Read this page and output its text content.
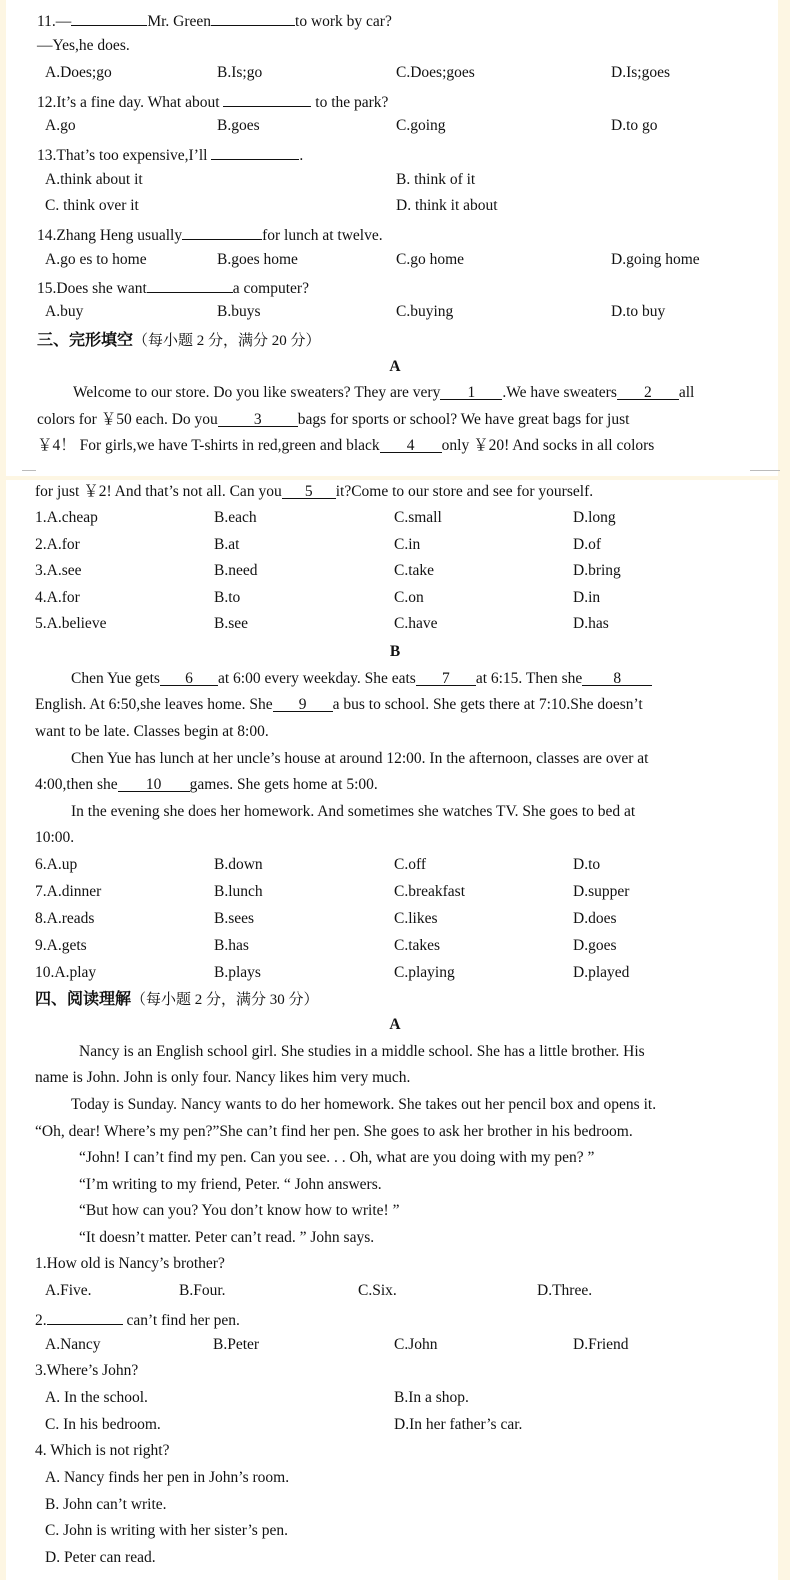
11.—	Mr. Green	to work by car?
—Yes,he does.
A.Does;go	B.Is;go	C.Does;goes	D.Is;goes
12.It’s a fine day. What about	to the park?
A.go	B.goes	C.going	D.to go
13.That’s too expensive,I’ll	.
A.think about it	B. think of it
C. think over it	D. think it about
14.Zhang Heng usually	for lunch at twelve.
A.go es to home	B.goes home	C.go home	D.going home
15.Does she want	a computer?
A.buy	B.buys	C.buying	D.to buy
三、完形填空（每小题 2 分，满分 20 分）
A
Welcome to our store. Do you like sweaters? They are very 1 .We have sweaters 2 all
colors for ￥50 each. Do you 3 bags for sports or school? We have great bags for just
￥4！ For girls,we have T-shirts in red,green and black 4 only ￥20! And socks in all colors
for just ￥2! And that’s not all. Can you 5 it?Come to our store and see for yourself.
1.A.cheap	B.each	C.small	D.long
2.A.for	B.at	C.in	D.of
3.A.see	B.need	C.take	D.bring
4.A.for	B.to	C.on	D.in
5.A.believe	B.see	C.have	D.has
B
Chen Yue gets 6 at 6:00 every weekday. She eats 7 at 6:15. Then she 8
English. At 6:50,she leaves home. She 9 a bus to school. She gets there at 7:10.She doesn’t
want to be late. Classes begin at 8:00.
Chen Yue has lunch at her uncle’s house at around 12:00. In the afternoon, classes are over at
4:00,then she 10 games. She gets home at 5:00.
In the evening she does her homework. And sometimes she watches TV. She goes to bed at
10:00.
6.A.up	B.down	C.off	D.to
7.A.dinner	B.lunch	C.breakfast	D.supper
8.A.reads	B.sees	C.likes	D.does
9.A.gets	B.has	C.takes	D.goes
10.A.play	B.plays	C.playing	D.played
四、阅读理解（每小题 2 分，满分 30 分）
A
Nancy is an English school girl. She studies in a middle school. She has a little brother. His
name is John. John is only four. Nancy likes him very much.
Today is Sunday. Nancy wants to do her homework. She takes out her pencil box and opens it.
“Oh, dear! Where’s my pen?”She can’t find her pen. She goes to ask her brother in his bedroom.
“John! I can’t find my pen. Can you see. . . Oh, what are you doing with my pen? ”
“I’m writing to my friend, Peter. “ John answers.
“But how can you? You don’t know how to write! ”
“It doesn’t matter. Peter can’t read. ” John says.
1.How old is Nancy’s brother?
A.Five.	B.Four.	C.Six.	D.Three.
2.	can’t find her pen.
A.Nancy	B.Peter	C.John	D.Friend
3.Where’s John?
A. In the school.	B.In a shop.
C. In his bedroom.	D.In her father’s car.
4. Which is not right?
A. Nancy finds her pen in John’s room.
B. John can’t write.
C. John is writing with her sister’s pen.
D. Peter can read.
